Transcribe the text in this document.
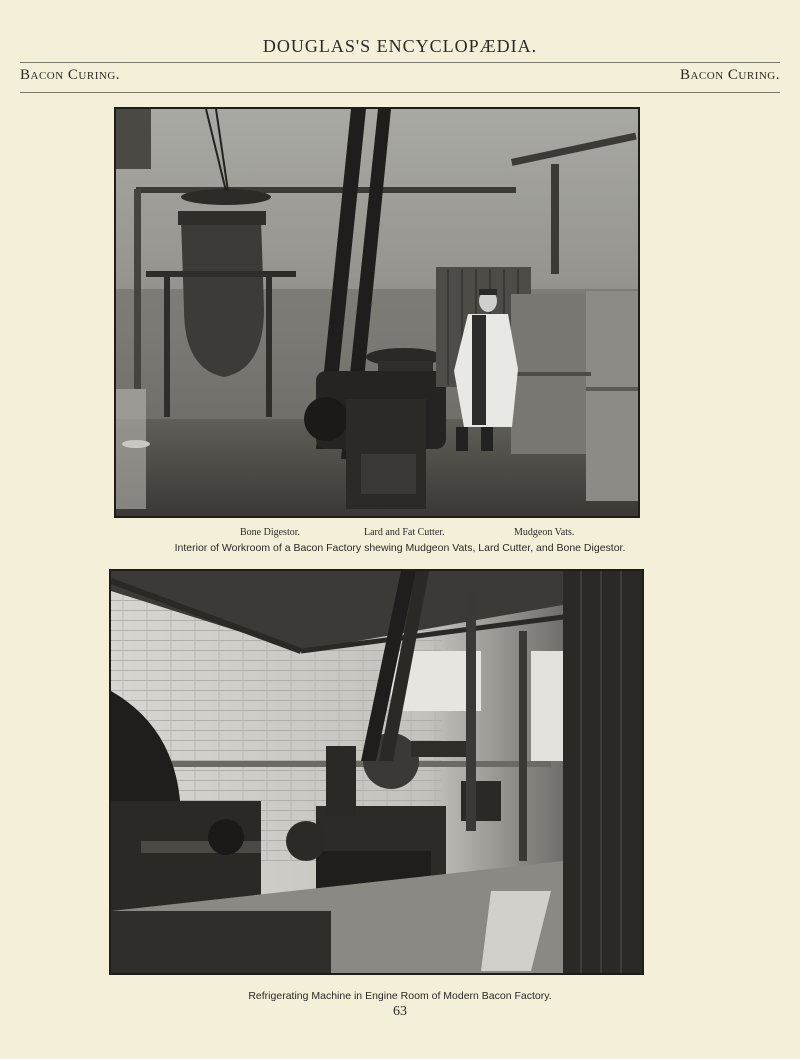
DOUGLAS'S ENCYCLOPÆDIA.
Bacon Curing.	Bacon Curing.
Bone Digestor.	Lard and Fat Cutter.	Mudgeon Vats.
Interior of Workroom of a Bacon Factory shewing Mudgeon Vats, Lard Cutter, and Bone Digestor.
Refrigerating Machine in Engine Room of Modern Bacon Factory.
63
